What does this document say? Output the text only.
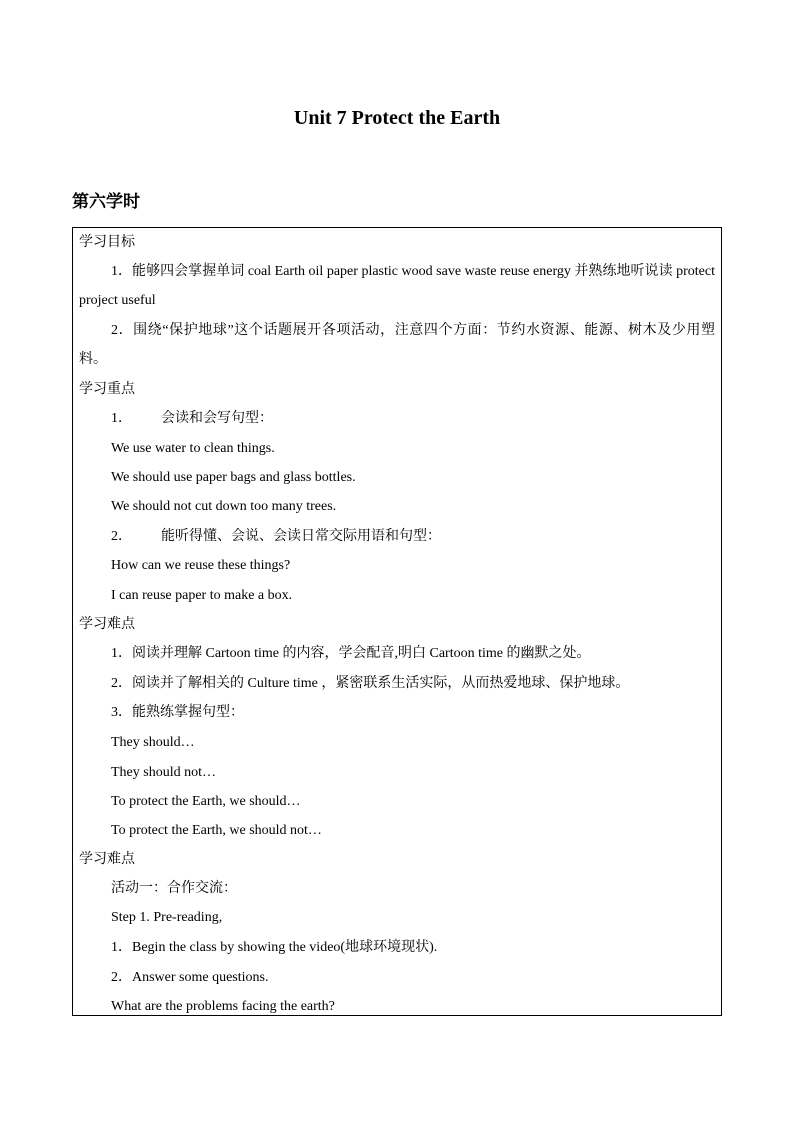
Unit 7 Protect the Earth
第六学时
学习目标
1．能够四会掌握单词 coal Earth oil paper plastic wood save waste reuse energy 并熟练地听说读 protect project useful
2．围绕“保护地球”这个话题展开各项活动，注意四个方面：节约水资源、能源、树木及少用塑料。
学习重点
1． 会读和会写句型：
We use water to clean things.
We should use paper bags and glass bottles.
We should not cut down too many trees.
2． 能听得懂、会说、会读日常交际用语和句型：
How can we reuse these things?
I can reuse paper to make a box.
学习难点
1．阅读并理解 Cartoon time 的内容，学会配音,明白 Cartoon time 的幽默之处。
2．阅读并了解相关的 Culture time ，紧密联系生活实际，从而热爱地球、保护地球。
3．能熟练掌握句型：
They should…
They should not…
To protect the Earth, we should…
To protect the Earth, we should not…
学习难点
活动一：合作交流：
Step 1. Pre-reading,
1．Begin the class by showing the video(地球环境现状).
2．Answer some questions.
What are the problems facing the earth?
